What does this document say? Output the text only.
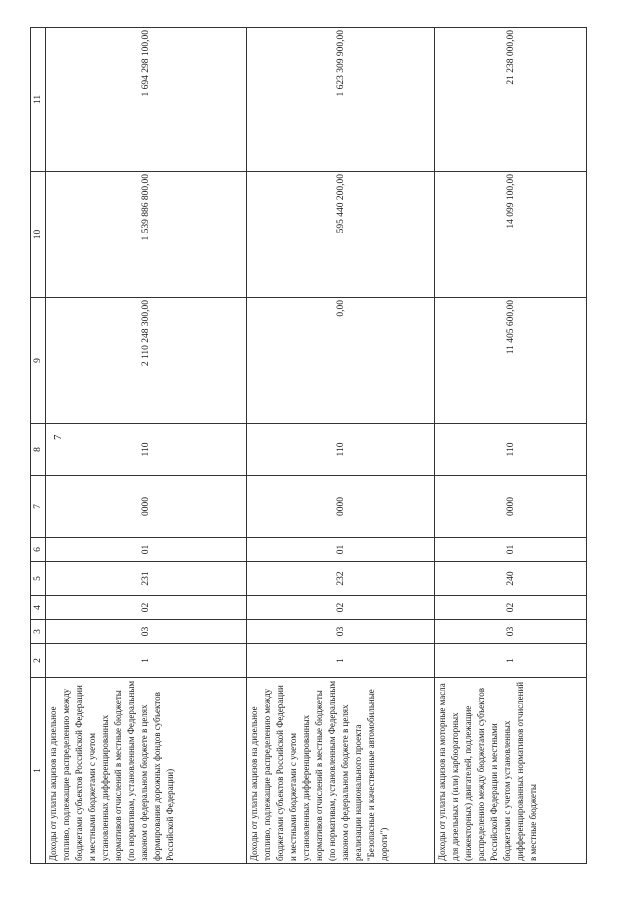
7
1	2	3	4	5	6	7	8	9	10	11
Доходы от уплаты акцизов на дизельное топливо, подлежащие распределению между бюджетами субъектов Российской Федерации и местными бюджетами с учетом установленных дифференцированных нормативов отчислений в местные бюджеты (по нормативам, установленным Федеральным законом о федеральном бюджете в целях формирования дорожных фондов субъектов Российской Федерации)	1	03	02	231	01	0000	110	2 110 248 300,00	1 539 886 800,00	1 694 298 100,00
Доходы от уплаты акцизов на дизельное топливо, подлежащие распределению между бюджетами субъектов Российской Федерации и местными бюджетами с учетом установленных дифференцированных нормативов отчислений в местные бюджеты (по нормативам, установленным Федеральным законом о федеральном бюджете в целях реализации национального проекта "Безопасные и качественные автомобильные дороги")	1	03	02	232	01	0000	110	0,00	595 440 200,00	1 623 309 900,00
Доходы от уплаты акцизов на моторные масла для дизельных и (или) карбюраторных (инжекторных) двигателей, подлежащие распределению между бюджетами субъектов Российской Федерации и местными бюджетами с учетом установленных дифференцированных нормативов отчислений в местные бюджеты	1	03	02	240	01	0000	110	11 405 600,00	14 099 100,00	21 238 000,00
